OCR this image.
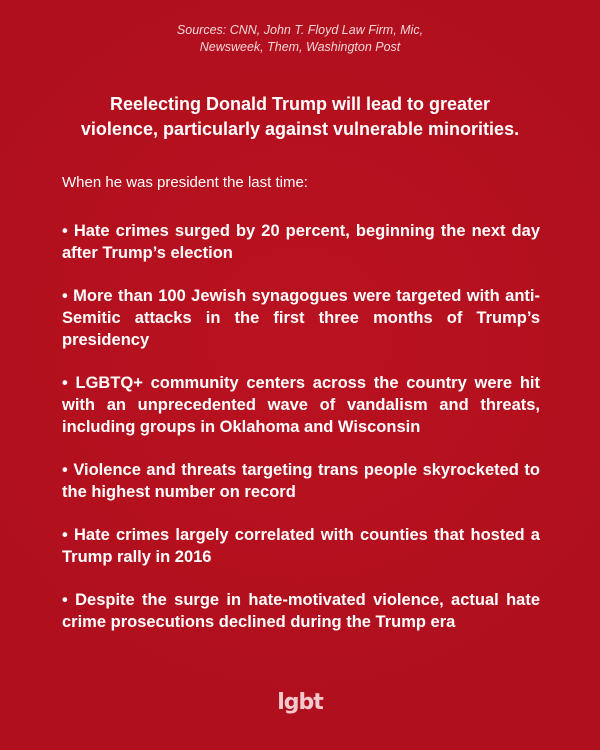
Sources: CNN, John T. Floyd Law Firm, Mic,
Newsweek, Them, Washington Post
Reelecting Donald Trump will lead to greater
violence, particularly against vulnerable minorities.
When he was president the last time:
• Hate crimes surged by 20 percent, beginning the next day after Trump’s election
• More than 100 Jewish synagogues were targeted with anti-Semitic attacks in the first three months of Trump’s presidency
• LGBTQ+ community centers across the country were hit with an unprecedented wave of vandalism and threats, including groups in Oklahoma and Wisconsin
• Violence and threats targeting trans people skyrocketed to the highest number on record
• Hate crimes largely correlated with counties that hosted a Trump rally in 2016
• Despite the surge in hate-motivated violence, actual hate crime prosecutions declined during the Trump era
lgbt
